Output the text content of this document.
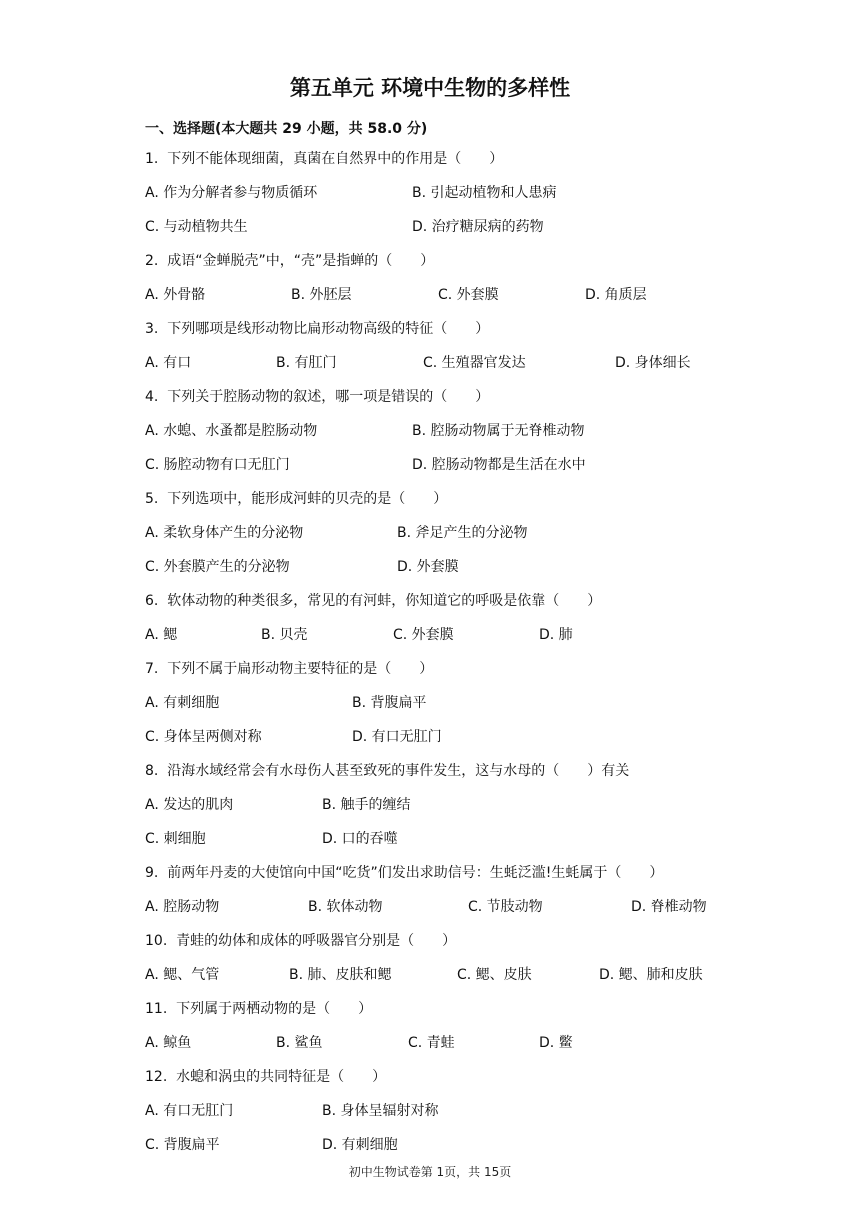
第五单元 环境中生物的多样性
一、选择题(本大题共 29 小题，共 58.0 分)
1. 下列不能体现细菌，真菌在自然界中的作用是（　　）
A. 作为分解者参与物质循环	B. 引起动植物和人患病
C. 与动植物共生	D. 治疗糖尿病的药物
2. 成语“金蝉脱壳”中，“壳”是指蝉的（　　）
A. 外骨骼	B. 外胚层	C. 外套膜	D. 角质层
3. 下列哪项是线形动物比扁形动物高级的特征（　　）
A. 有口	B. 有肛门	C. 生殖器官发达	D. 身体细长
4. 下列关于腔肠动物的叙述，哪一项是错误的（　　）
A. 水螅、水蚤都是腔肠动物	B. 腔肠动物属于无脊椎动物
C. 肠腔动物有口无肛门	D. 腔肠动物都是生活在水中
5. 下列选项中，能形成河蚌的贝壳的是（　　）
A. 柔软身体产生的分泌物	B. 斧足产生的分泌物
C. 外套膜产生的分泌物	D. 外套膜
6. 软体动物的种类很多，常见的有河蚌，你知道它的呼吸是依靠（　　）
A. 鳃	B. 贝壳	C. 外套膜	D. 肺
7. 下列不属于扁形动物主要特征的是（　　）
A. 有刺细胞	B. 背腹扁平
C. 身体呈两侧对称	D. 有口无肛门
8. 沿海水域经常会有水母伤人甚至致死的事件发生，这与水母的（　　）有关
A. 发达的肌肉	B. 触手的缠结
C. 刺细胞	D. 口的吞噬
9. 前两年丹麦的大使馆向中国“吃货”们发出求助信号：生蚝泛滥!生蚝属于（　　）
A. 腔肠动物	B. 软体动物	C. 节肢动物	D. 脊椎动物
10. 青蛙的幼体和成体的呼吸器官分别是（　　）
A. 鳃、气管	B. 肺、皮肤和鳃	C. 鳃、皮肤	D. 鳃、肺和皮肤
11. 下列属于两栖动物的是（　　）
A. 鲸鱼	B. 鲨鱼	C. 青蛙	D. 鳖
12. 水螅和涡虫的共同特征是（　　）
A. 有口无肛门	B. 身体呈辐射对称
C. 背腹扁平	D. 有刺细胞
初中生物试卷第 1页，共 15页
